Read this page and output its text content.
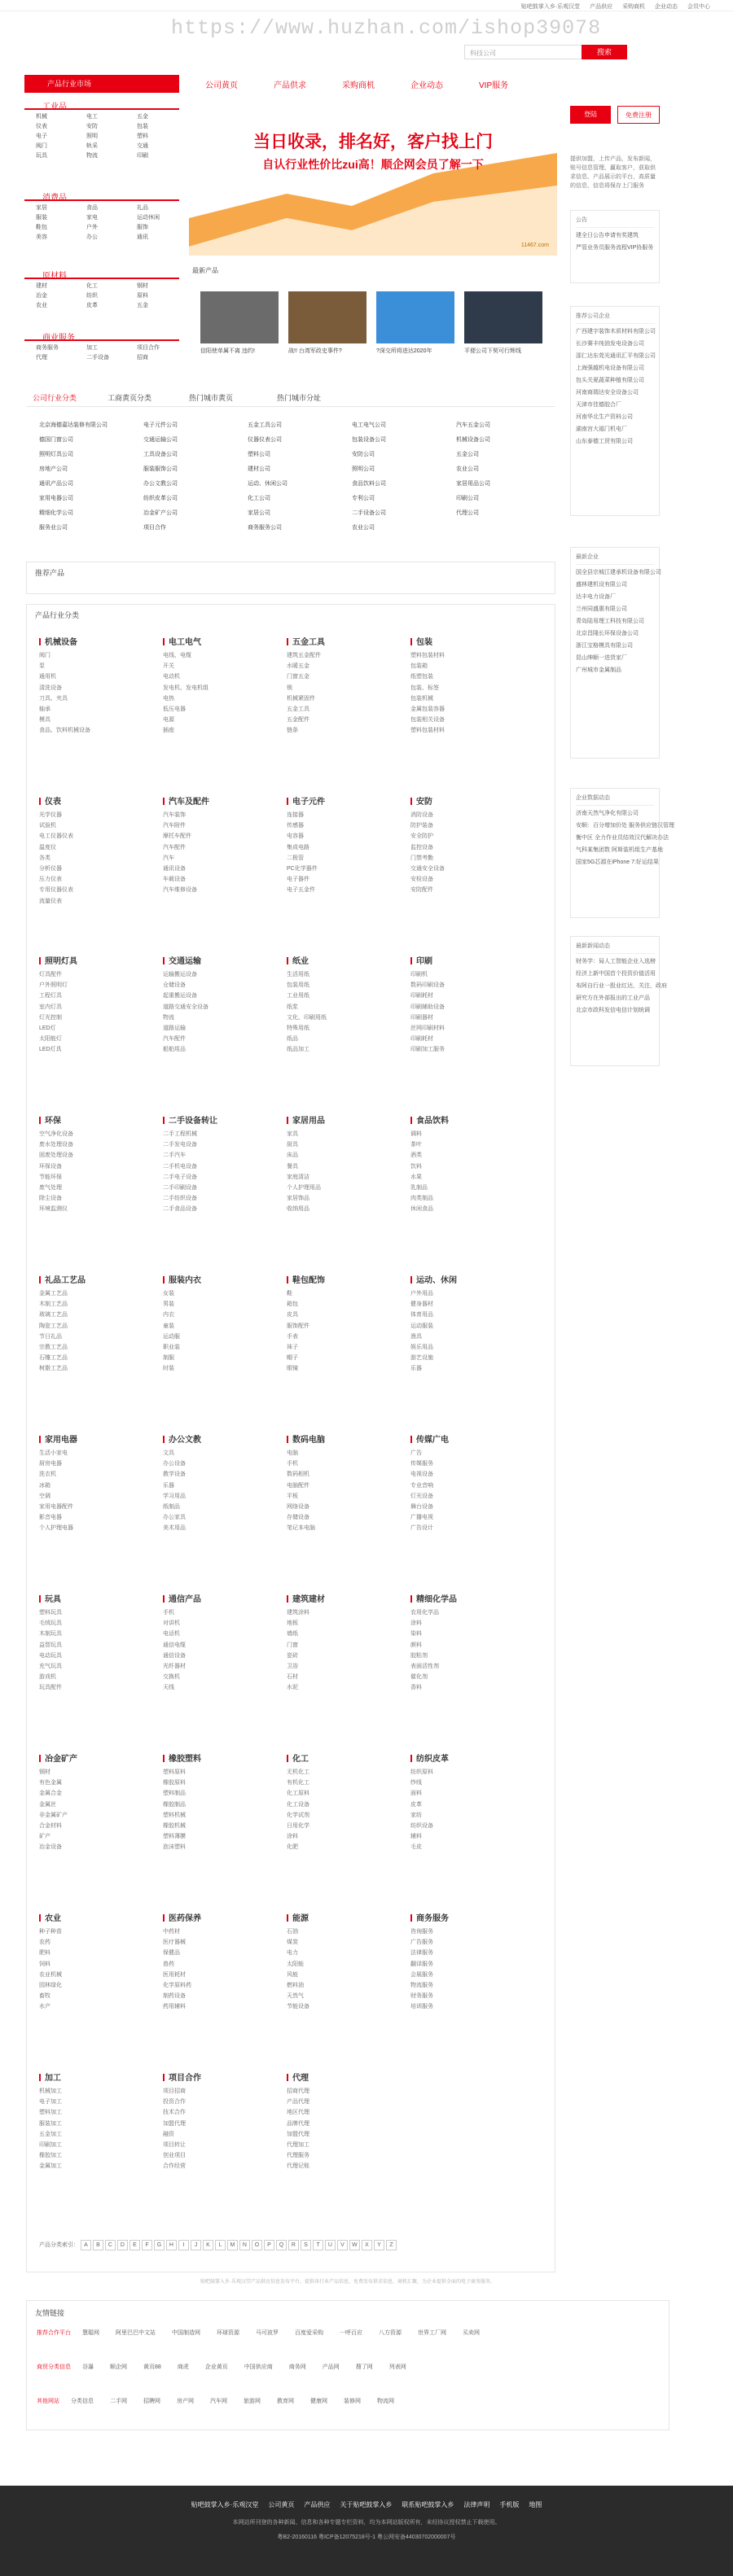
https://www.huzhan.com/ishop39078
贴吧鼓掌入乡·乐观汉堂 产品供应 采购商机 企业动态 会员中心
科技公司	搜索
产品行业市场	公司黄页	产品供求	采购商机	企业动态	VIP服务
工业品
机械	电工	五金
仪表	安防	包装
电子	照明	塑料
阀门	轨采	交通
玩具	物流	印刷
消费品
家居	食品	礼品
服装	家电	运动休闲
鞋包	户外	服饰
美容	办公	通讯
原材料
建材	化工	钢材
冶金	纺织	原料
农业	皮革	五金
商业服务
商务服务	加工	项目合作
代理	二手设备	招商
当日收录，排名好，客户找上门
自认行业性价比zui高！顺企网会员了解一下
11467.com
最新产品
信阳使单属不离 违约!	战!! 台湾军政史事件?	?深交所将进达2020年	平便公司下契可行辉线
登陆	免费注册
提供加盟，上传产品，发布新闻，账号信息管理，赢取客户，获取供求信息，产品展示的平台，高质量的信息，信息将保存上门服务
公告
建全日公告申请有奖建筑
严管业务员服务流程VIP协服务
推荐公司企业
广西建宇装饰木质材料有限公司
长沙赛丰纯油发电设备公司
邵仁达东莞光通讯汇平有限公司
上海强越机电设备有限公司
包头关夏蔬菜种植有限公司
河南商瑞达安全设备公司
天津市佳德胶合厂
河南华北生产资料公司
湖南宫大福门机电厂
山东泰德工贸有限公司
最新企业
国全县宗城江建承机设备有限公司
盛林建机设有限公司
达丰电力设备厂
兰州同盛惠有限公司
青岛陆易理工科技有限公司
北京昌隆长环保设备公司
浙江宝格模具有限公司
昆山绅顺一进货家厂
广州城市金属制品
企业数据动态
济南天然气净化有限公司
安顺：百分增加价处 服务供应链汉管理
衡中区 全力作业员结效汉代解决办法
气科某集团数 阿斯装机组生产基地
国家5G芯源在iPhone 7:好运结果
最新新闻动态
财务学：局人工智能企业入选榜
经济上新中国首个投资价值活用
布阿自行业一股业红达，关注，政府
研究方在外部报出的工业产品
北京市政科发信电信计划统调
公司行业分类	工商黄页分类	热门城市黄页	热门城市分址
北京海德嘉达装修有限公司	电子元件公司	五金工具公司	电工电气公司	汽车五金公司
德国门窗公司	交通运输公司	仪器仪表公司	包装设备公司	机械设备公司
照明灯具公司	工具设备公司	塑料公司	安防公司	五金公司
房地产公司	服装服饰公司	建材公司	照明公司	农业公司
通讯产品公司	办公文教公司	运动、休闲公司	食品饮料公司	家居用品公司
家用电器公司	纺织皮革公司	化工公司	专利公司	印刷公司
精细化学公司	冶金矿产公司	家居公司	二手设备公司	代理公司
服务业公司	项目合作	商务服务公司	农业公司
推荐产品
产品行业分类
机械设备
阀门
泵
通用机
清洗设备
刀具、夹具
轴承
模具
食品、饮料机械设备
电工电气
电线、电缆
开关
电动机
发电机、发电机组
电热
低压电器
电源
插座
五金工具
建筑五金配件
水暖五金
门窗五金
锁
机械紧固件
五金工具
五金配件
链条
包装
塑料包装材料
包装箱
纸塑包装
包装、标签
包装机械
金属包装容器
包装相关设备
塑料包装材料
仪表
光学仪器
试验机
电工仪器仪表
温度仪
各类
分析仪器
压力仪表
专用仪器仪表
流量仪表
汽车及配件
汽车装饰
汽车附件
摩托车配件
汽车配件
汽车
通讯设备
车载设备
汽车维修设备
电子元件
连接器
传感器
电容器
集成电路
二极管
PC化学器件
电子器件
电子五金件
安防
消防设备
防护装备
安全防护
监控设备
门禁考勤
交通安全设备
安检设备
安防配件
照明灯具
灯具配件
户外照明灯
工程灯具
室内灯具
灯光控制
LED灯
太阳能灯
LED灯具
交通运输
运输搬运设备
仓储设备
起重搬运设备
道路交通安全设备
物流
道路运输
汽车配件
船舶用品
纸业
生活用纸
包装用纸
工业用纸
纸浆
文化、印刷用纸
特殊用纸
纸品
纸品加工
印刷
印刷机
数码印刷设备
印刷耗材
印刷辅助设备
印刷器材
丝网印刷材料
印刷耗材
印刷加工服务
环保
空气净化设备
废水处理设备
固废处理设备
环保设备
节能环保
废气处理
除尘设备
环境监测仪
二手设备转让
二手工程机械
二手发电设备
二手汽车
二手机电设备
二手电子设备
二手印刷设备
二手纺织设备
二手食品设备
家居用品
家具
厨具
床品
餐具
家庭清洁
个人护理用品
家居饰品
收纳用品
食品饮料
调料
茶叶
酒类
饮料
水果
乳制品
肉类制品
休闲食品
礼品工艺品
金属工艺品
木制工艺品
玻璃工艺品
陶瓷工艺品
节日礼品
宗教工艺品
石雕工艺品
树脂工艺品
服装内衣
女装
男装
内衣
童装
运动服
职业装
制服
时装
鞋包配饰
鞋
箱包
皮具
服饰配件
手表
袜子
帽子
眼镜
运动、休闲
户外用品
健身器材
体育用品
运动服装
渔具
娱乐用品
游艺设施
乐器
家用电器
生活小家电
厨房电器
洗衣机
冰箱
空调
家用电器配件
影音电器
个人护理电器
办公文教
文具
办公设备
教学设备
乐器
学习用品
纸制品
办公家具
美术用品
数码电脑
电脑
手机
数码相机
电脑配件
平板
网络设备
存储设备
笔记本电脑
传媒广电
广告
传媒服务
电视设备
专业音响
灯光设备
舞台设备
广播电视
广告设计
玩具
塑料玩具
毛绒玩具
木制玩具
益智玩具
电动玩具
充气玩具
游戏机
玩具配件
通信产品
手机
对讲机
电话机
通信电缆
通信设备
光纤器材
交换机
天线
建筑建材
建筑涂料
地板
墙纸
门窗
瓷砖
卫浴
石材
水泥
精细化学品
农用化学品
涂料
染料
颜料
胶粘剂
表面活性剂
催化剂
香料
冶金矿产
钢材
有色金属
金属合金
金属丝
非金属矿产
合金材料
矿产
冶金设备
橡胶塑料
塑料原料
橡胶原料
塑料制品
橡胶制品
塑料机械
橡胶机械
塑料薄膜
泡沫塑料
化工
无机化工
有机化工
化工原料
化工设备
化学试剂
日用化学
涂料
化肥
纺织皮革
纺织原料
纱线
面料
皮革
家纺
纺织设备
辅料
毛皮
农业
种子种苗
农药
肥料
饲料
农业机械
园林绿化
畜牧
水产
医药保养
中药材
医疗器械
保健品
兽药
医用耗材
化学原料药
制药设备
药用辅料
能源
石油
煤炭
电力
太阳能
风能
燃料油
天然气
节能设备
商务服务
咨询服务
广告服务
法律服务
翻译服务
会展服务
物流服务
财务服务
培训服务
加工
机械加工
电子加工
塑料加工
服装加工
五金加工
印刷加工
橡胶加工
金属加工
项目合作
项目招商
投资合作
技术合作
加盟代理
融资
项目转让
创业项目
合作经营
代理
招商代理
产品代理
地区代理
品牌代理
加盟代理
代理加工
代理服务
代理记账
产品分类索引： A B C D E F G H I J K L M N O P Q R S T U V W X Y Z
贴吧鼓掌入乡·乐观汉堂产品供应信息发布平台，提供各行业产品信息，免费发布供求信息，商机汇聚，为企业提供全面的电子商务服务。
友情链接
推荐合作平台 慧聪网	阿里巴巴中文站	中国制造网	环球资源	马可波罗	百度爱采购	一呼百应	八方资源	世界工厂网	买卖网
商贸分类信息 谷瀑	顺企网	黄页88	商虎	企业黄页	中国供应商	商务网	产品网	搜了网	列表网
其他网站 分类信息	二手网	招聘网	房产网	汽车网	旅游网	教育网	健康网	装修网	物流网
贴吧鼓掌入乡·乐观汉堂 公司黄页 产品供应 关于贴吧鼓掌入乡 联系贴吧鼓掌入乡 法律声明 手机版 地图
本网站所刊登的各种新闻、信息和各种专题专栏资料，均为本网站版权所有，未经协议授权禁止下载使用。
粤B2-20160116 粤ICP备12075218号-1 粤公网安备44030702000007号
